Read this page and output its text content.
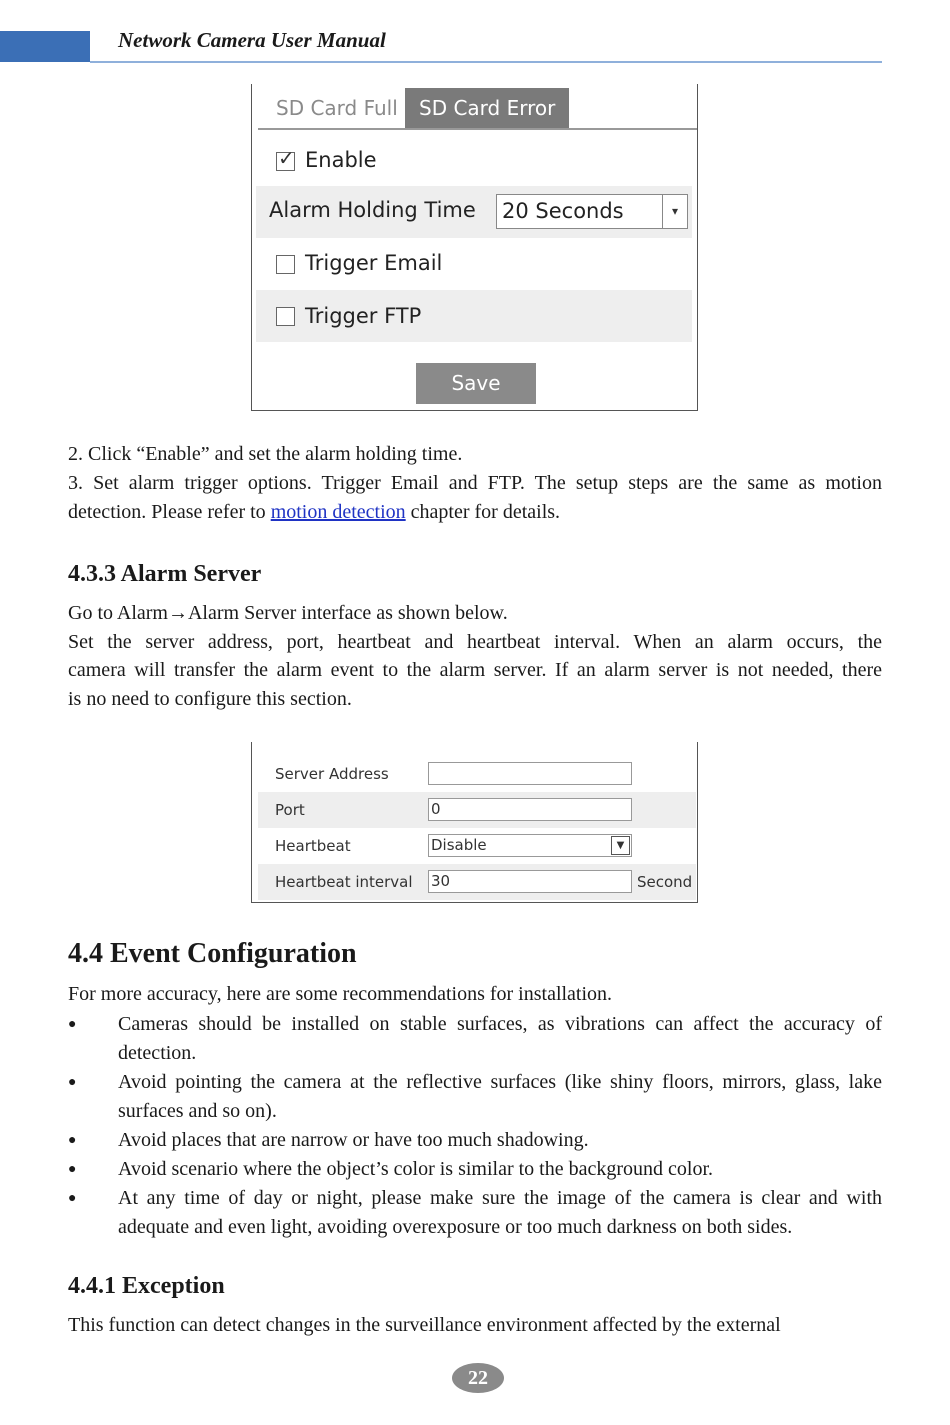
Network Camera User Manual
SD Card Full	SD Card Error
✓ Enable
Alarm Holding Time 20 Seconds	▾
Trigger Email
Trigger FTP
Save
2. Click “Enable” and set the alarm holding time.
3. Set alarm trigger options. Trigger Email and FTP. The setup steps are the same as motion
detection. Please refer to motion detection chapter for details.
4.3.3 Alarm Server
Go to Alarm→Alarm Server interface as shown below.
Set the server address, port, heartbeat and heartbeat interval. When an alarm occurs, the
camera will transfer the alarm event to the alarm server. If an alarm server is not needed, there
is no need to configure this section.
Server Address
Port	0
Heartbeat	Disable	▼
Heartbeat interval 30	Second
4.4 Event Configuration
For more accuracy, here are some recommendations for installation.
● Cameras should be installed on stable surfaces, as vibrations can affect the accuracy of detection.
● Avoid pointing the camera at the reflective surfaces (like shiny floors, mirrors, glass, lake surfaces and so on).
● Avoid places that are narrow or have too much shadowing.
● Avoid scenario where the object’s color is similar to the background color.
● At any time of day or night, please make sure the image of the camera is clear and with adequate and even light, avoiding overexposure or too much darkness on both sides.
4.4.1 Exception
This function can detect changes in the surveillance environment affected by the external
22
